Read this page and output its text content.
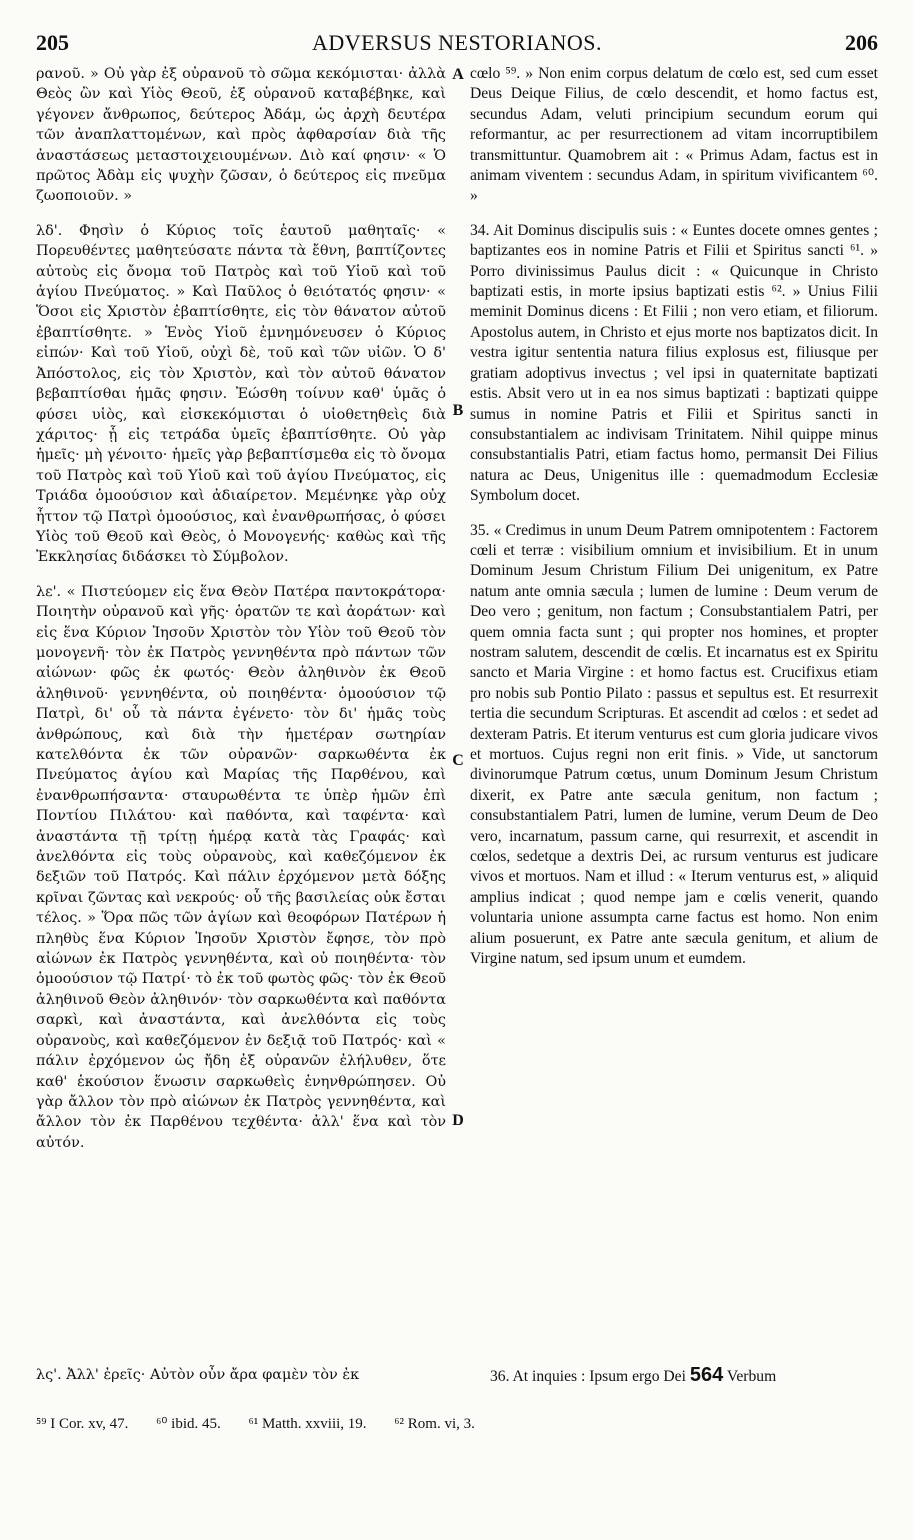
205	ADVERSUS NESTORIANOS.	206

ρανοῦ. » Οὐ γὰρ ἐξ οὐρανοῦ τὸ σῶμα κεκόμισται· ἀλλὰ Θεὸς ὢν καὶ Υἱὸς Θεοῦ, ἐξ οὐρανοῦ καταβέβηκε, καὶ γέγονεν ἄνθρωπος, δεύτερος Ἀδάμ, ὡς ἀρχὴ δευτέρα τῶν ἀναπλαττομένων, καὶ πρὸς ἀφθαρσίαν διὰ τῆς ἀναστάσεως μεταστοιχειουμένων. Διὸ καί φησιν· « Ὁ πρῶτος Ἀδὰμ εἰς ψυχὴν ζῶσαν, ὁ δεύτερος εἰς πνεῦμα ζωοποιοῦν. »

λδ'. Φησὶν ὁ Κύριος τοῖς ἑαυτοῦ μαθηταῖς· « Πορευθέντες μαθητεύσατε πάντα τὰ ἔθνη, βαπτίζοντες αὐτοὺς εἰς ὄνομα τοῦ Πατρὸς καὶ τοῦ Υἱοῦ καὶ τοῦ ἁγίου Πνεύματος. » Καὶ Παῦλος ὁ θειότατός φησιν· « Ὅσοι εἰς Χριστὸν ἐβαπτίσθητε, εἰς τὸν θάνατον αὐτοῦ ἐβαπτίσθητε. » Ἑνὸς Υἱοῦ ἐμνημόνευσεν ὁ Κύριος εἰπών· Καὶ τοῦ Υἱοῦ, οὐχὶ δὲ, τοῦ καὶ τῶν υἱῶν. Ὁ δ' Ἀπόστολος, εἰς τὸν Χριστὸν, καὶ τὸν αὐτοῦ θάνατον βεβαπτίσθαι ἡμᾶς φησιν. Ἐώσθη τοίνυν καθ' ὑμᾶς ὁ φύσει υἱὸς, καὶ εἰσκεκόμισται ὁ υἱοθετηθεὶς διὰ χάριτος· ᾗ εἰς τετράδα ὑμεῖς ἐβαπτίσθητε. Οὐ γὰρ ἡμεῖς· μὴ γένοιτο· ἡμεῖς γὰρ βεβαπτίσμεθα εἰς τὸ ὄνομα τοῦ Πατρὸς καὶ τοῦ Υἱοῦ καὶ τοῦ ἁγίου Πνεύματος, εἰς Τριάδα ὁμοούσιον καὶ ἀδιαίρετον. Μεμένηκε γὰρ οὐχ ἧττον τῷ Πατρὶ ὁμοούσιος, καὶ ἐνανθρωπήσας, ὁ φύσει Υἱὸς τοῦ Θεοῦ καὶ Θεὸς, ὁ Μονογενής· καθὼς καὶ τῆς Ἐκκλησίας διδάσκει τὸ Σύμβολον.

λε'. « Πιστεύομεν εἰς ἕνα Θεὸν Πατέρα παντοκράτορα· Ποιητὴν οὐρανοῦ καὶ γῆς· ὁρατῶν τε καὶ ἀοράτων· καὶ εἰς ἕνα Κύριον Ἰησοῦν Χριστὸν τὸν Υἱὸν τοῦ Θεοῦ τὸν μονογενῆ· τὸν ἐκ Πατρὸς γεννηθέντα πρὸ πάντων τῶν αἰώνων· φῶς ἐκ φωτός· Θεὸν ἀληθινὸν ἐκ Θεοῦ ἀληθινοῦ· γεννηθέντα, οὐ ποιηθέντα· ὁμοούσιον τῷ Πατρὶ, δι' οὗ τὰ πάντα ἐγένετο· τὸν δι' ἡμᾶς τοὺς ἀνθρώπους, καὶ διὰ τὴν ἡμετέραν σωτηρίαν κατελθόντα ἐκ τῶν οὐρανῶν· σαρκωθέντα ἐκ Πνεύματος ἁγίου καὶ Μαρίας τῆς Παρθένου, καὶ ἐνανθρωπήσαντα· σταυρωθέντα τε ὑπὲρ ἡμῶν ἐπὶ Ποντίου Πιλάτου· καὶ παθόντα, καὶ ταφέντα· καὶ ἀναστάντα τῇ τρίτῃ ἡμέρᾳ κατὰ τὰς Γραφάς· καὶ ἀνελθόντα εἰς τοὺς οὐρανοὺς, καὶ καθεζόμενον ἐκ δεξιῶν τοῦ Πατρός. Καὶ πάλιν ἐρχόμενον μετὰ δόξης κρῖναι ζῶντας καὶ νεκρούς· οὗ τῆς βασιλείας οὐκ ἔσται τέλος. » Ὅρα πῶς τῶν ἁγίων καὶ θεοφόρων Πατέρων ἡ πληθὺς ἕνα Κύριον Ἰησοῦν Χριστὸν ἔφησε, τὸν πρὸ αἰώνων ἐκ Πατρὸς γεννηθέντα, καὶ οὐ ποιηθέντα· τὸν ὁμοούσιον τῷ Πατρί· τὸ ἐκ τοῦ φωτὸς φῶς· τὸν ἐκ Θεοῦ ἀληθινοῦ Θεὸν ἀληθινόν· τὸν σαρκωθέντα καὶ παθόντα σαρκὶ, καὶ ἀναστάντα, καὶ ἀνελθόντα εἰς τοὺς οὐρανοὺς, καὶ καθεζόμενον ἐν δεξιᾷ τοῦ Πατρός· καὶ « πάλιν ἐρχόμενον ὡς ἤδη ἐξ οὐρανῶν ἐλήλυθεν, ὅτε καθ' ἑκούσιον ἕνωσιν σαρκωθεὶς ἐνηνθρώπησεν. Οὐ γὰρ ἄλλον τὸν πρὸ αἰώνων ἐκ Πατρὸς γεννηθέντα, καὶ ἄλλον τὸν ἐκ Παρθένου τεχθέντα· ἀλλ' ἕνα καὶ τὸν αὐτόν.

cœlo ⁵⁹. » Non enim corpus delatum de cœlo est, sed cum esset Deus Deique Filius, de cœlo descendit, et homo factus est, secundus Adam, veluti principium secundum eorum qui reformantur, ac per resurrectionem ad vitam incorruptibilem transmittuntur. Quamobrem ait : « Primus Adam, factus est in animam viventem : secundus Adam, in spiritum vivificantem ⁶⁰. »

34. Ait Dominus discipulis suis : « Euntes docete omnes gentes ; baptizantes eos in nomine Patris et Filii et Spiritus sancti ⁶¹. » Porro divinissimus Paulus dicit : « Quicunque in Christo baptizati estis, in morte ipsius baptizati estis ⁶². » Unius Filii meminit Dominus dicens : Et Filii ; non vero etiam, et filiorum. Apostolus autem, in Christo et ejus morte nos baptizatos dicit. In vestra igitur sententia natura filius explosus est, filiusque per gratiam adoptivus invectus ; vel ipsi in quaternitate baptizati estis. Absit vero ut in ea nos simus baptizati : baptizati quippe sumus in nomine Patris et Filii et Spiritus sancti in consubstantialem ac indivisam Trinitatem. Nihil quippe minus consubstantialis Patri, etiam factus homo, permansit Dei Filius natura ac Deus, Unigenitus ille : quemadmodum Ecclesiæ Symbolum docet.

35. « Credimus in unum Deum Patrem omnipotentem : Factorem cœli et terræ : visibilium omnium et invisibilium. Et in unum Dominum Jesum Christum Filium Dei unigenitum, ex Patre natum ante omnia sæcula ; lumen de lumine : Deum verum de Deo vero ; genitum, non factum ; Consubstantialem Patri, per quem omnia facta sunt ; qui propter nos homines, et propter nostram salutem, descendit de cœlis. Et incarnatus est ex Spiritu sancto et Maria Virgine : et homo factus est. Crucifixus etiam pro nobis sub Pontio Pilato : passus et sepultus est. Et resurrexit tertia die secundum Scripturas. Et ascendit ad cœlos : et sedet ad dexteram Patris. Et iterum venturus est cum gloria judicare vivos et mortuos. Cujus regni non erit finis. » Vide, ut sanctorum divinorumque Patrum cœtus, unum Dominum Jesum Christum dixerit, ex Patre ante sæcula genitum, non factum ; consubstantialem Patri, lumen de lumine, verum Deum de Deo vero, incarnatum, passum carne, qui resurrexit, et ascendit in cœlos, sedetque a dextris Dei, ac rursum venturus est judicare vivos et mortuos. Nam et illud : « Iterum venturus est, » aliquid amplius indicat ; quod nempe jam e cœlis venerit, quando voluntaria unione assumpta carne factus est homo. Non enim alium posuerunt, ex Patre ante sæcula genitum, et alium de Virgine natum, sed ipsum unum et eumdem.

A
B
C
D
λς'. Ἀλλ' ἐρεῖς· Αὐτὸν οὖν ἄρα φαμὲν τὸν ἐκ	36. At inquies : Ipsum ergo Dei 564 Verbum
⁵⁹ I Cor. xv, 47. ⁶⁰ ibid. 45. ⁶¹ Matth. xxviii, 19. ⁶² Rom. vi, 3.
